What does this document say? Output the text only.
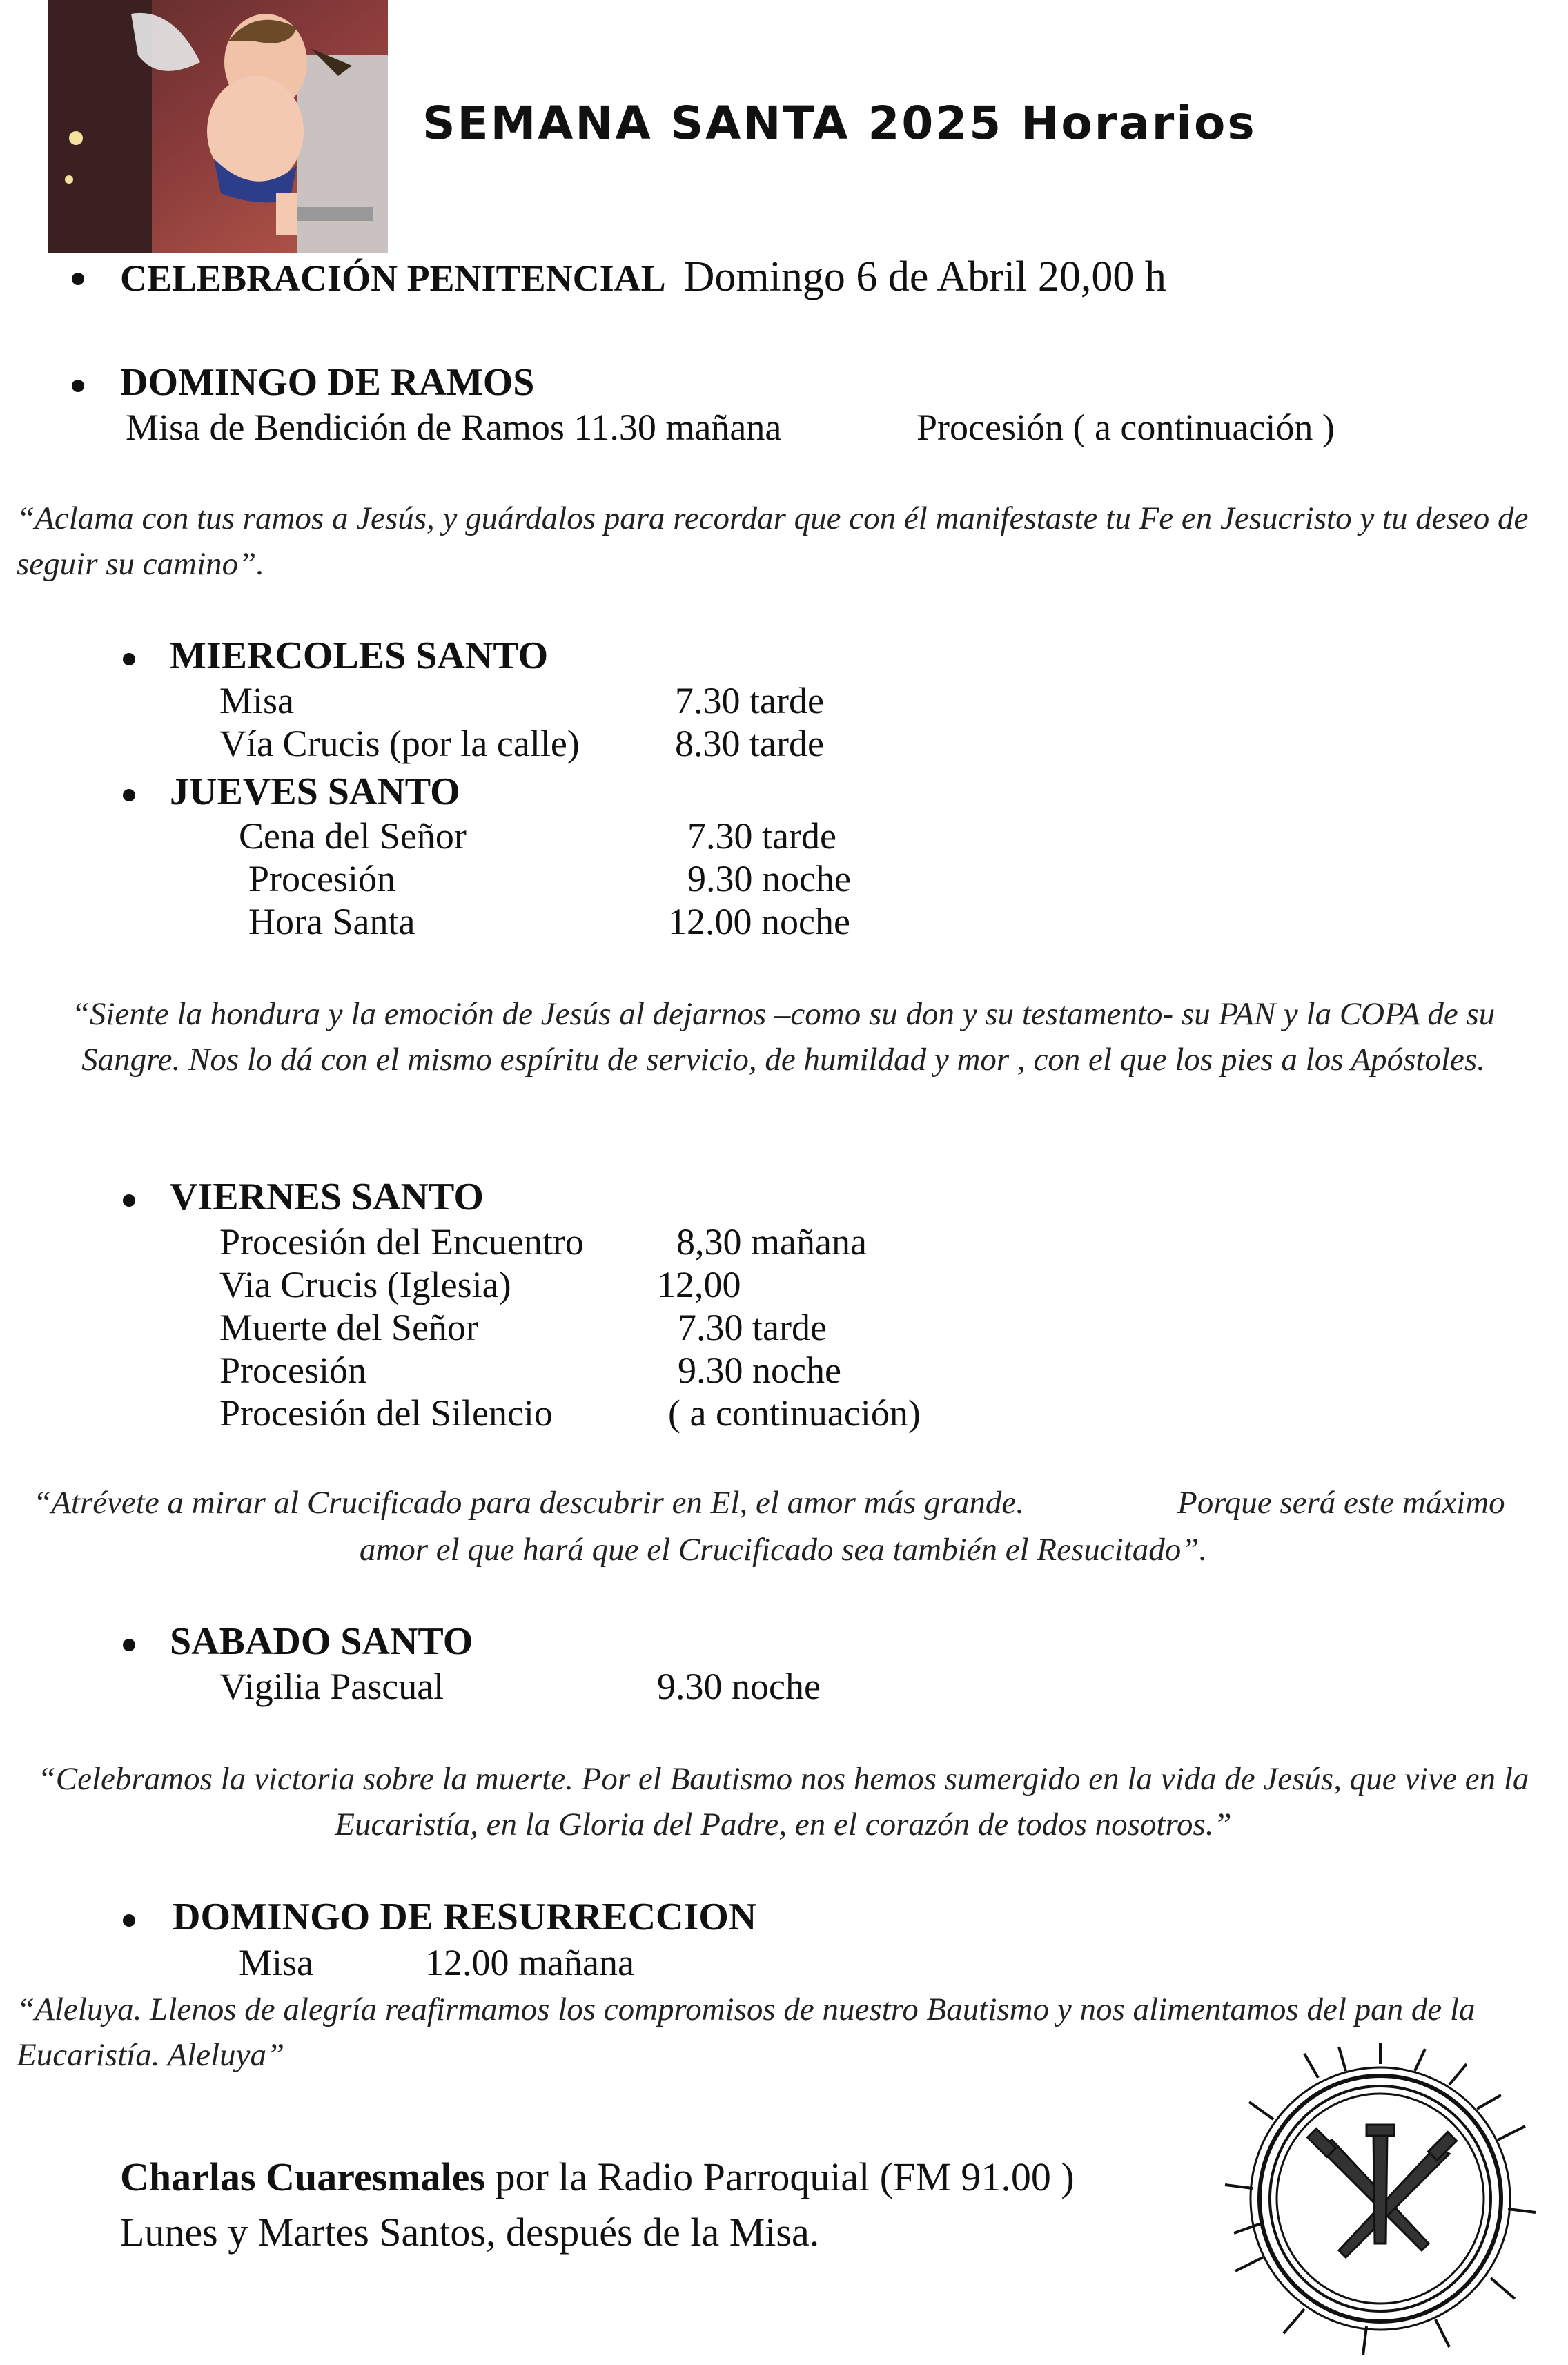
SEMANA SANTA 2025 Horarios
CELEBRACIÓN PENITENCIAL Domingo 6 de Abril 20,00 h
DOMINGO DE RAMOS
Misa de Bendición de Ramos 11.30 mañana	Procesión ( a continuación )
“Aclama con tus ramos a Jesús, y guárdalos para recordar que con él manifestaste tu Fe en Jesucristo y tu deseo de seguir su camino”.
MIERCOLES SANTO
Misa	7.30 tarde
Vía Crucis (por la calle)	8.30 tarde
JUEVES SANTO
Cena del Señor	7.30 tarde
Procesión	9.30 noche
Hora Santa	12.00 noche
“Siente la hondura y la emoción de Jesús al dejarnos –como su don y su testamento- su PAN y la COPA de su Sangre. Nos lo dá con el mismo espíritu de servicio, de humildad y mor , con el que los pies a los Apóstoles.
VIERNES SANTO
Procesión del Encuentro 8,30 mañana
Via Crucis (Iglesia)	12,00
Muerte del Señor	7.30 tarde
Procesión	9.30 noche
Procesión del Silencio	( a continuación)
“Atrévete a mirar al Crucificado para descubrir en El, el amor más grande.	Porque será este máximo
amor el que hará que el Crucificado sea también el Resucitado”.
SABADO SANTO
Vigilia Pascual	9.30 noche
“Celebramos la victoria sobre la muerte. Por el Bautismo nos hemos sumergido en la vida de Jesús, que vive en la Eucaristía, en la Gloria del Padre, en el corazón de todos nosotros.”
DOMINGO DE RESURRECCION
Misa	12.00 mañana
“Aleluya. Llenos de alegría reafirmamos los compromisos de nuestro Bautismo y nos alimentamos del pan de la Eucaristía. Aleluya”
Charlas Cuaresmales por la Radio Parroquial (FM 91.00 )
Lunes y Martes Santos, después de la Misa.
